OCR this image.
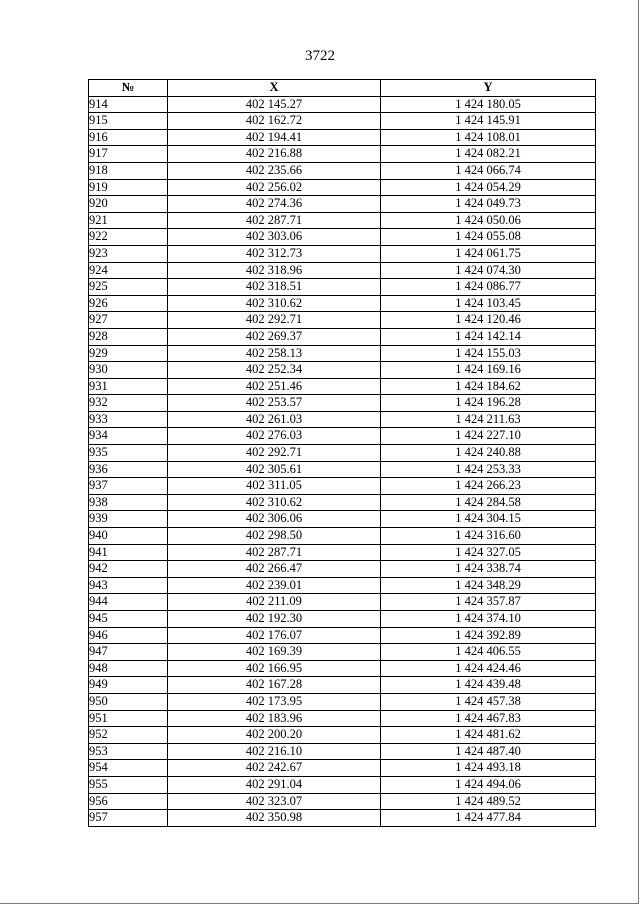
3722
№	X	Y
914	402 145.27	1 424 180.05
915	402 162.72	1 424 145.91
916	402 194.41	1 424 108.01
917	402 216.88	1 424 082.21
918	402 235.66	1 424 066.74
919	402 256.02	1 424 054.29
920	402 274.36	1 424 049.73
921	402 287.71	1 424 050.06
922	402 303.06	1 424 055.08
923	402 312.73	1 424 061.75
924	402 318.96	1 424 074.30
925	402 318.51	1 424 086.77
926	402 310.62	1 424 103.45
927	402 292.71	1 424 120.46
928	402 269.37	1 424 142.14
929	402 258.13	1 424 155.03
930	402 252.34	1 424 169.16
931	402 251.46	1 424 184.62
932	402 253.57	1 424 196.28
933	402 261.03	1 424 211.63
934	402 276.03	1 424 227.10
935	402 292.71	1 424 240.88
936	402 305.61	1 424 253.33
937	402 311.05	1 424 266.23
938	402 310.62	1 424 284.58
939	402 306.06	1 424 304.15
940	402 298.50	1 424 316.60
941	402 287.71	1 424 327.05
942	402 266.47	1 424 338.74
943	402 239.01	1 424 348.29
944	402 211.09	1 424 357.87
945	402 192.30	1 424 374.10
946	402 176.07	1 424 392.89
947	402 169.39	1 424 406.55
948	402 166.95	1 424 424.46
949	402 167.28	1 424 439.48
950	402 173.95	1 424 457.38
951	402 183.96	1 424 467.83
952	402 200.20	1 424 481.62
953	402 216.10	1 424 487.40
954	402 242.67	1 424 493.18
955	402 291.04	1 424 494.06
956	402 323.07	1 424 489.52
957	402 350.98	1 424 477.84
